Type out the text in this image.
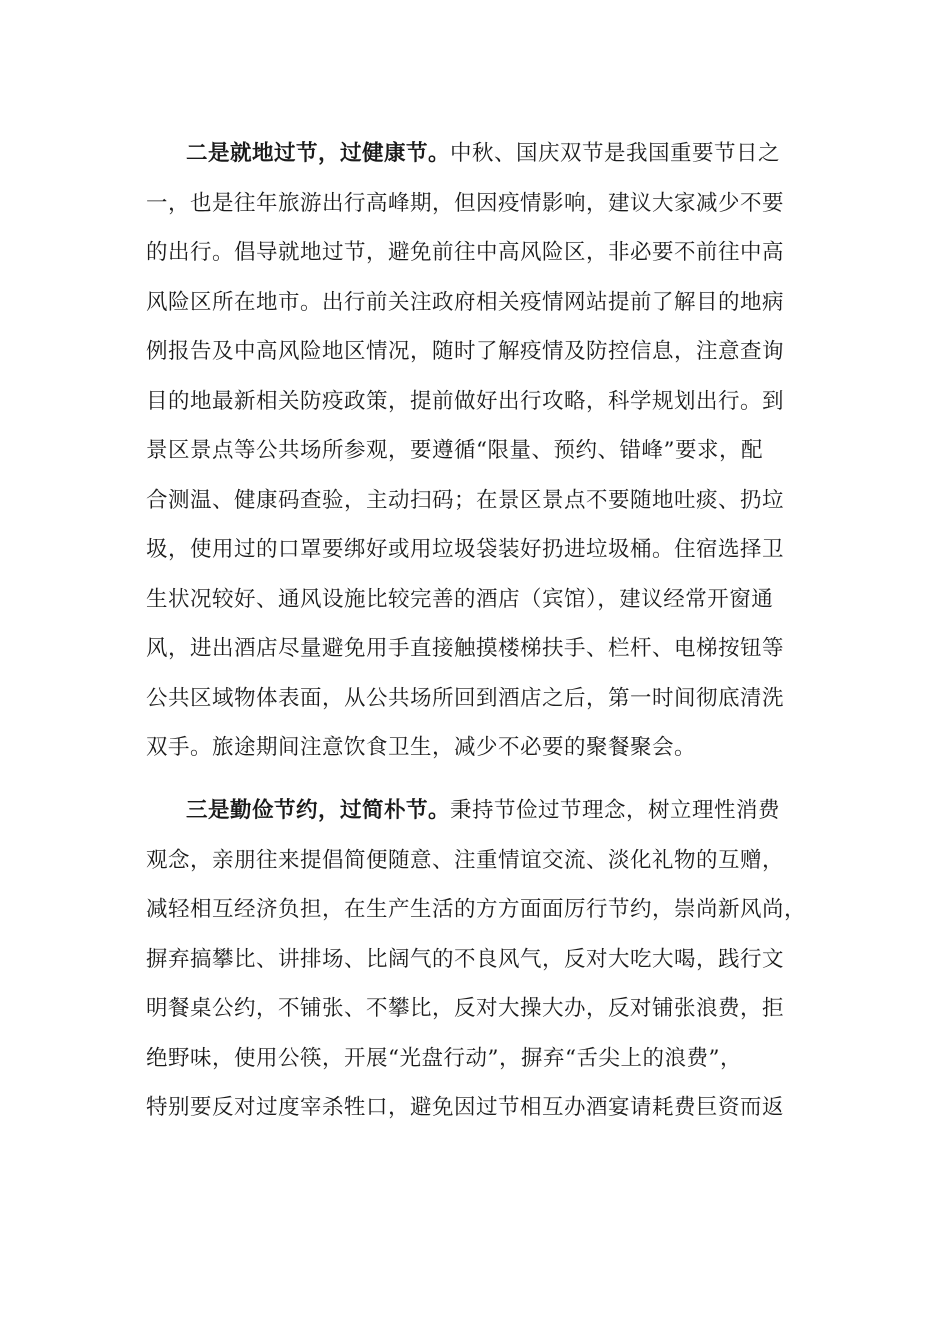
二是就地过节，过健康节。中秋、国庆双节是我国重要节日之
一，也是往年旅游出行高峰期，但因疫情影响，建议大家减少不要
的出行。倡导就地过节，避免前往中高风险区，非必要不前往中高
风险区所在地市。出行前关注政府相关疫情网站提前了解目的地病
例报告及中高风险地区情况，随时了解疫情及防控信息，注意查询
目的地最新相关防疫政策，提前做好出行攻略，科学规划出行。到
景区景点等公共场所参观，要遵循“限量、预约、错峰”要求，配
合测温、健康码查验，主动扫码；在景区景点不要随地吐痰、扔垃
圾，使用过的口罩要绑好或用垃圾袋装好扔进垃圾桶。住宿选择卫
生状况较好、通风设施比较完善的酒店（宾馆），建议经常开窗通
风，进出酒店尽量避免用手直接触摸楼梯扶手、栏杆、电梯按钮等
公共区域物体表面，从公共场所回到酒店之后，第一时间彻底清洗
双手。旅途期间注意饮食卫生，减少不必要的聚餐聚会。
三是勤俭节约，过简朴节。秉持节俭过节理念，树立理性消费
观念，亲朋往来提倡简便随意、注重情谊交流、淡化礼物的互赠，
减轻相互经济负担，在生产生活的方方面面厉行节约，崇尚新风尚，
摒弃搞攀比、讲排场、比阔气的不良风气，反对大吃大喝，践行文
明餐桌公约，不铺张、不攀比，反对大操大办，反对铺张浪费，拒
绝野味，使用公筷，开展“光盘行动”，摒弃“舌尖上的浪费”，
特别要反对过度宰杀牲口，避免因过节相互办酒宴请耗费巨资而返
